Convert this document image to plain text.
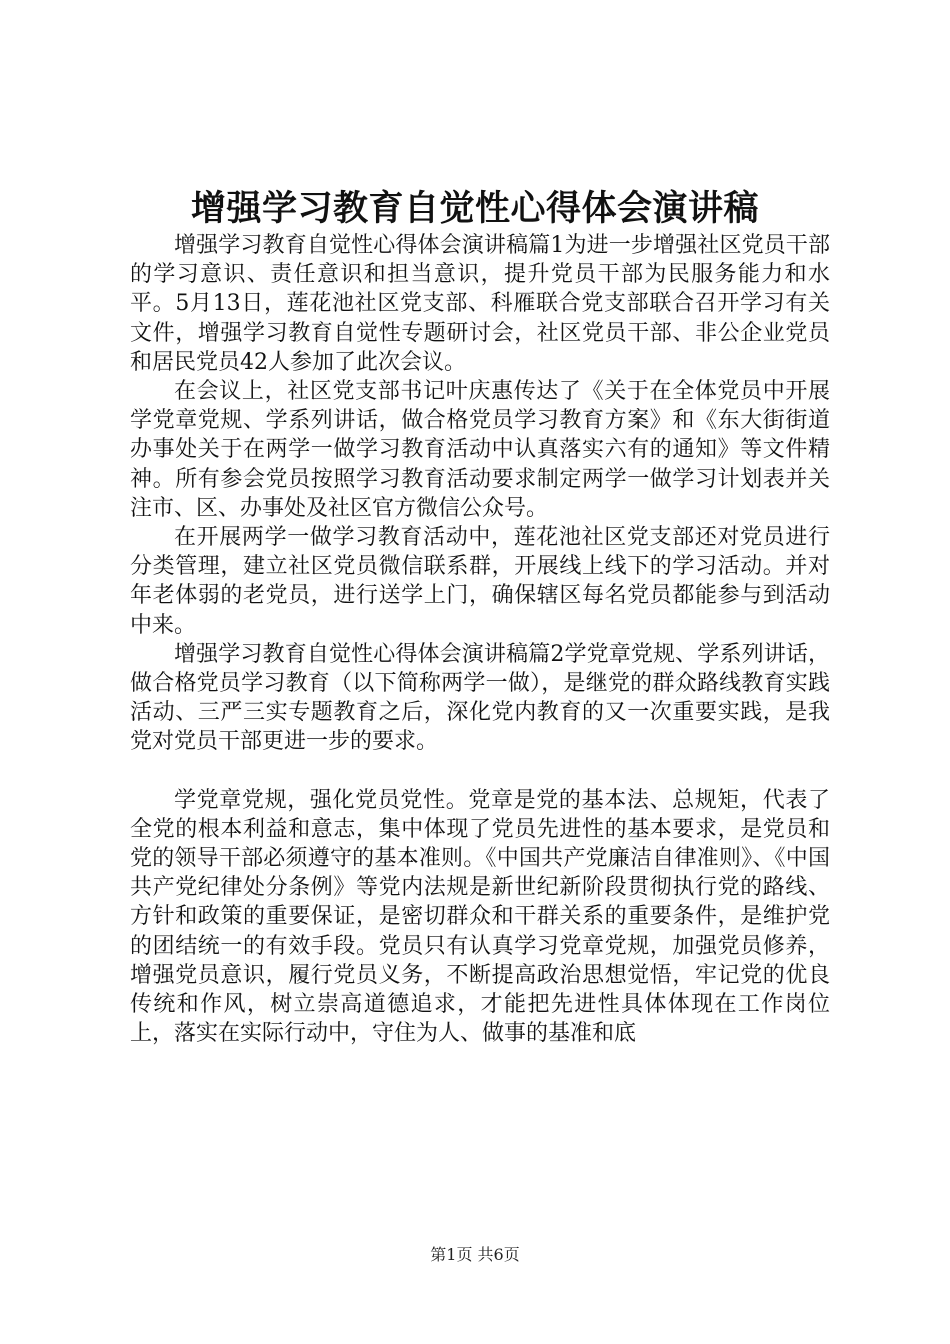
增强学习教育自觉性心得体会演讲稿

增强学习教育自觉性心得体会演讲稿篇1为进一步增强社区党员干部的学习意识、责任意识和担当意识，提升党员干部为民服务能力和水平。5月13日，莲花池社区党支部、科雁联合党支部联合召开学习有关文件，增强学习教育自觉性专题研讨会，社区党员干部、非公企业党员和居民党员42人参加了此次会议。

在会议上，社区党支部书记叶庆惠传达了《关于在全体党员中开展学党章党规、学系列讲话，做合格党员学习教育方案》和《东大街街道办事处关于在两学一做学习教育活动中认真落实六有的通知》等文件精神。所有参会党员按照学习教育活动要求制定两学一做学习计划表并关注市、区、办事处及社区官方微信公众号。

在开展两学一做学习教育活动中，莲花池社区党支部还对党员进行分类管理，建立社区党员微信联系群，开展线上线下的学习活动。并对年老体弱的老党员，进行送学上门，确保辖区每名党员都能参与到活动中来。

增强学习教育自觉性心得体会演讲稿篇2学党章党规、学系列讲话，做合格党员学习教育（以下简称两学一做），是继党的群众路线教育实践活动、三严三实专题教育之后，深化党内教育的又一次重要实践，是我党对党员干部更进一步的要求。

学党章党规，强化党员党性。党章是党的基本法、总规矩，代表了全党的根本利益和意志，集中体现了党员先进性的基本要求，是党员和党的领导干部必须遵守的基本准则。《中国共产党廉洁自律准则》、《中国共产党纪律处分条例》等党内法规是新世纪新阶段贯彻执行党的路线、方针和政策的重要保证，是密切群众和干群关系的重要条件，是维护党的团结统一的有效手段。党员只有认真学习党章党规，加强党员修养，增强党员意识，履行党员义务，不断提高政治思想觉悟，牢记党的优良传统和作风，树立崇高道德追求，才能把先进性具体体现在工作岗位上，落实在实际行动中，守住为人、做事的基准和底

第1页 共6页
